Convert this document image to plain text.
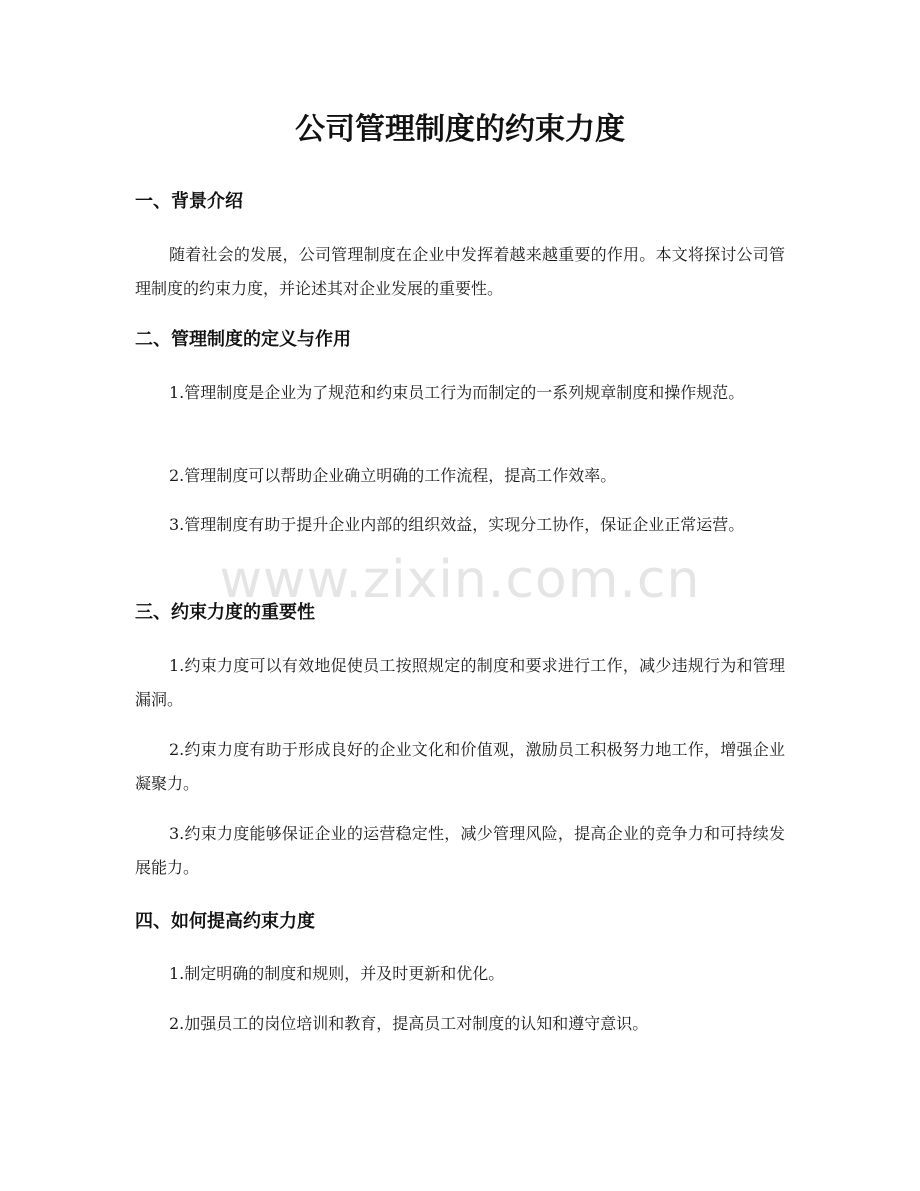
公司管理制度的约束力度
一、背景介绍

随着社会的发展，公司管理制度在企业中发挥着越来越重要的作用。本文将探讨公司管理制度的约束力度，并论述其对企业发展的重要性。

二、管理制度的定义与作用

1.管理制度是企业为了规范和约束员工行为而制定的一系列规章制度和操作规范。

2.管理制度可以帮助企业确立明确的工作流程，提高工作效率。

3.管理制度有助于提升企业内部的组织效益，实现分工协作，保证企业正常运营。

三、约束力度的重要性

1.约束力度可以有效地促使员工按照规定的制度和要求进行工作，减少违规行为和管理漏洞。

2.约束力度有助于形成良好的企业文化和价值观，激励员工积极努力地工作，增强企业凝聚力。

3.约束力度能够保证企业的运营稳定性，减少管理风险，提高企业的竞争力和可持续发展能力。

四、如何提高约束力度

1.制定明确的制度和规则，并及时更新和优化。

2.加强员工的岗位培训和教育，提高员工对制度的认知和遵守意识。

www.zixin.com.cn
